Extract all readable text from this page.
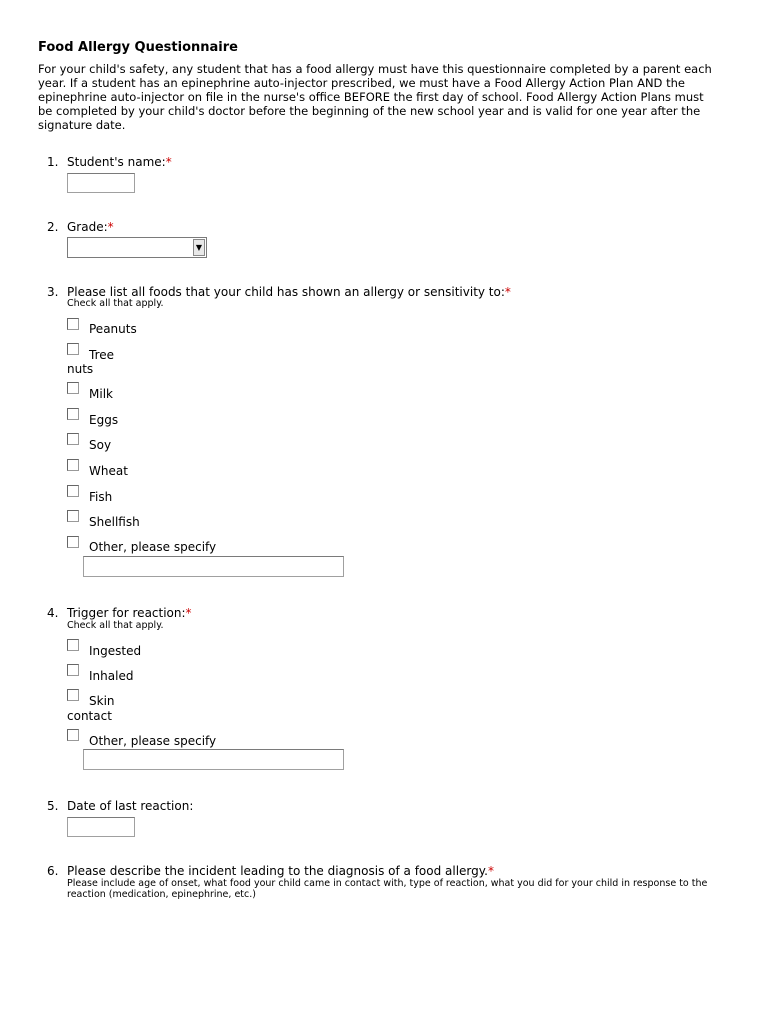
Food Allergy Questionnaire
For your child's safety, any student that has a food allergy must have this questionnaire completed by a parent each year. If a student has an epinephrine auto-injector prescribed, we must have a Food Allergy Action Plan AND the epinephrine auto-injector on file in the nurse's office BEFORE the first day of school. Food Allergy Action Plans must be completed by your child's doctor before the beginning of the new school year and is valid for one year after the signature date.
1. Student's name:*
2. Grade:*
▼
3. Please list all foods that your child has shown an allergy or sensitivity to:*
Check all that apply.
Peanuts
Tree
nuts
Milk
Eggs
Soy
Wheat
Fish
Shellfish
Other, please specify
4. Trigger for reaction:*
Check all that apply.
Ingested
Inhaled
Skin
contact
Other, please specify
5. Date of last reaction:
6. Please describe the incident leading to the diagnosis of a food allergy.*
Please include age of onset, what food your child came in contact with, type of reaction, what you did for your child in response to the reaction (medication, epinephrine, etc.)
